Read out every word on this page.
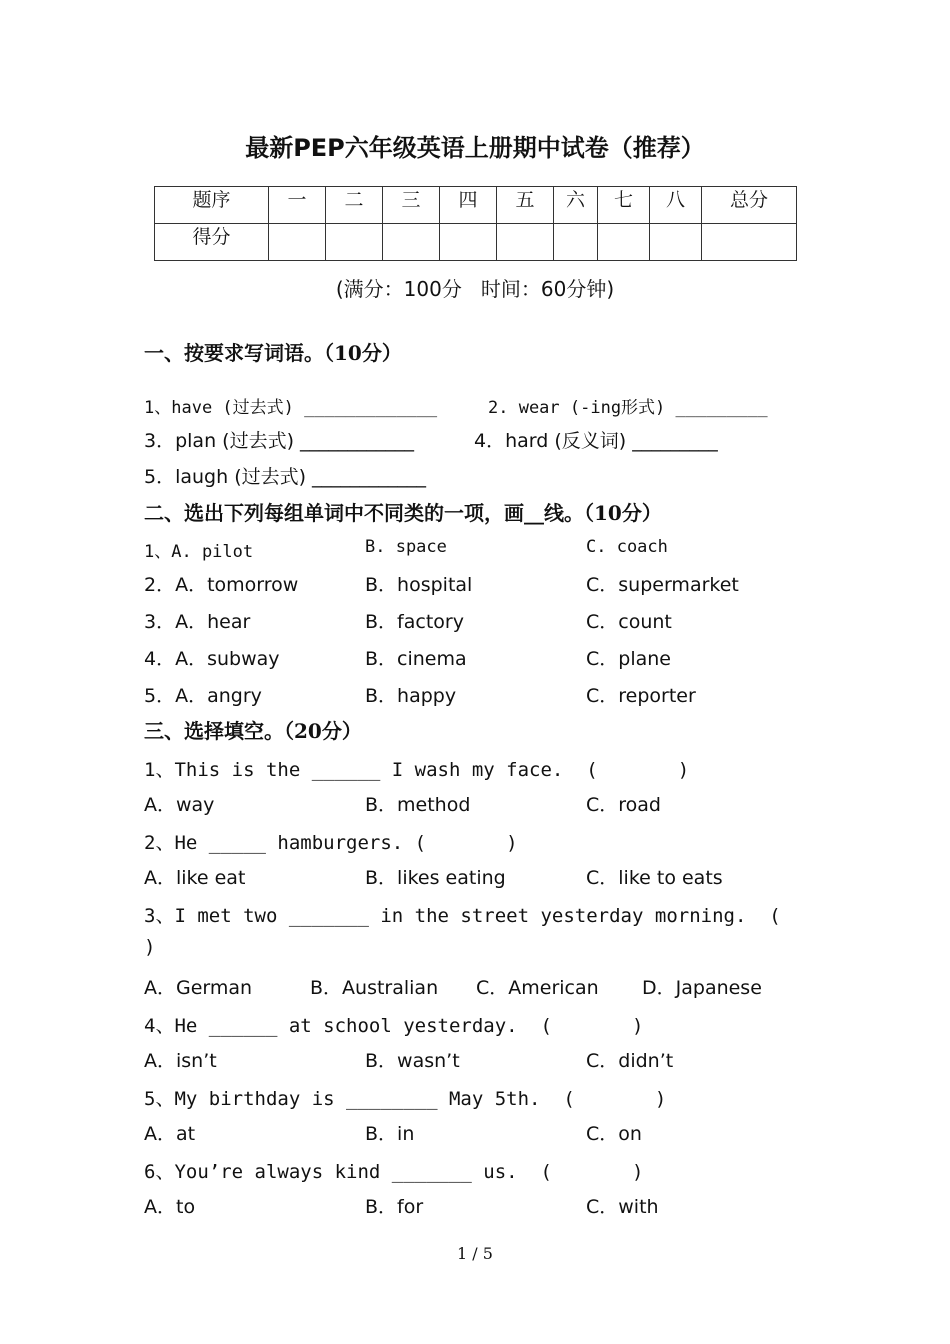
最新PEP六年级英语上册期中试卷（推荐）
题序	一	二	三	四	五	六	七	八	总分
得分									
(满分：100分   时间：60分钟)
一、按要求写词语。（10分）
1、have (过去式) _____________	2. wear (-ing形式) _________
3．plan (过去式) ____________	4．hard (反义词) _________
5．laugh (过去式) ____________
二、选出下列每组单词中不同类的一项，画__线。（10分）
1、A. pilot	B. space	C. coach
2．A．tomorrow	B．hospital	C．supermarket
3．A．hear	B．factory	C．count
4．A．subway	B．cinema	C．plane
5．A．angry	B．happy	C．reporter
三、选择填空。（20分）
1、This is the ______ I wash my face.  (       )
A．way	B．method	C．road
2、He _____ hamburgers. (       )
A．like eat	B．likes eating	C．like to eats
3、I met two _______ in the street yesterday morning.  (
)
A．German	B．Australian C．American D．Japanese
4、He ______ at school yesterday.  (       )
A．isn’t	B．wasn’t	C．didn’t
5、My birthday is ________ May 5th.  (       )
A．at	B．in	C．on
6、You’re always kind _______ us.  (       )
A．to	B．for	C．with
1 / 5
